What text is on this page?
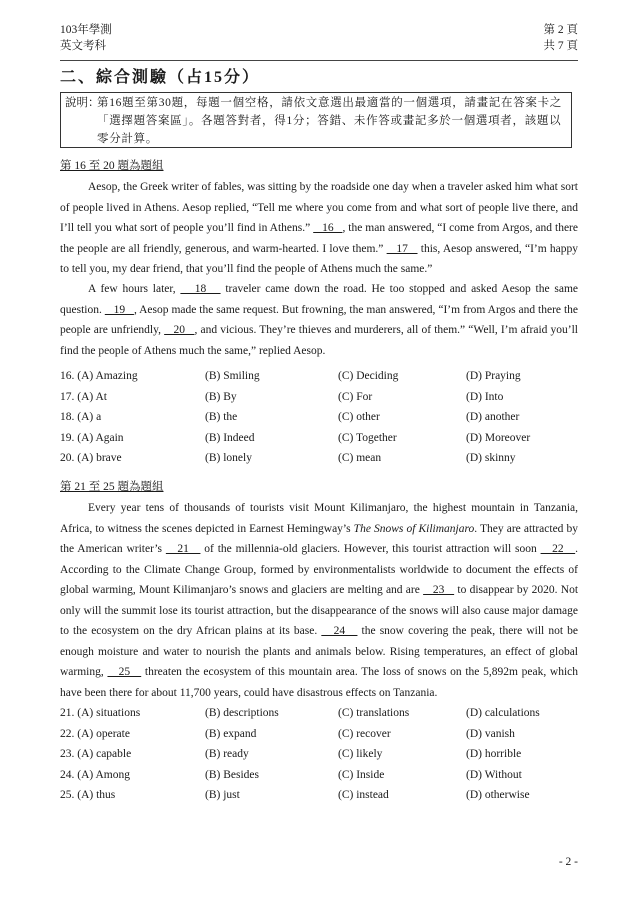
103年學測
英文考科
第 2 頁
共 7 頁
二、綜合測驗（占15分）
說明：
第16題至第30題，每題一個空格，請依文意選出最適當的一個選項，請畫記在答案卡之「選擇題答案區」。各題答對者，得1分；答錯、未作答或畫記多於一個選項者，該題以零分計算。
第 16 至 20 題為題組

Aesop, the Greek writer of fables, was sitting by the roadside one day when a traveler asked him what sort of people lived in Athens. Aesop replied, “Tell me where you come from and what sort of people live there, and I’ll tell you what sort of people you’ll find in Athens.”    16   , the man answered, “I come from Argos, and there the people are all friendly, generous, and warm-hearted. I love them.”    17    this, Aesop answered, “I’m happy to tell you, my dear friend, that you’ll find the people of Athens much the same.”

A few hours later,    18    traveler came down the road. He too stopped and asked Aesop the same question.    19   , Aesop made the same request. But frowning, the man answered, “I’m from Argos and there the people are unfriendly,    20   , and vicious. They’re thieves and murderers, all of them.” “Well, I’m afraid you’ll find the people of Athens much the same,” replied Aesop.

16. (A) Amazing	(B) Smiling	(C) Deciding	(D) Praying
17. (A) At	(B) By	(C) For	(D) Into
18. (A) a	(B) the	(C) other	(D) another
19. (A) Again	(B) Indeed	(C) Together	(D) Moreover
20. (A) brave	(B) lonely	(C) mean	(D) skinny
第 21 至 25 題為題組

Every year tens of thousands of tourists visit Mount Kilimanjaro, the highest mountain in Tanzania, Africa, to witness the scenes depicted in Earnest Hemingway’s The Snows of Kilimanjaro. They are attracted by the American writer’s    21    of the millennia-old glaciers. However, this tourist attraction will soon    22   . According to the Climate Change Group, formed by environmentalists worldwide to document the effects of global warming, Mount Kilimanjaro’s snows and glaciers are melting and are    23    to disappear by 2020. Not only will the summit lose its tourist attraction, but the disappearance of the snows will also cause major damage to the ecosystem on the dry African plains at its base.    24    the snow covering the peak, there will not be enough moisture and water to nourish the plants and animals below. Rising temperatures, an effect of global warming,    25    threaten the ecosystem of this mountain area. The loss of snows on the 5,892m peak, which have been there for about 11,700 years, could have disastrous effects on Tanzania.

21. (A) situations	(B) descriptions	(C) translations	(D) calculations
22. (A) operate	(B) expand	(C) recover	(D) vanish
23. (A) capable	(B) ready	(C) likely	(D) horrible
24. (A) Among	(B) Besides	(C) Inside	(D) Without
25. (A) thus	(B) just	(C) instead	(D) otherwise
- 2 -
